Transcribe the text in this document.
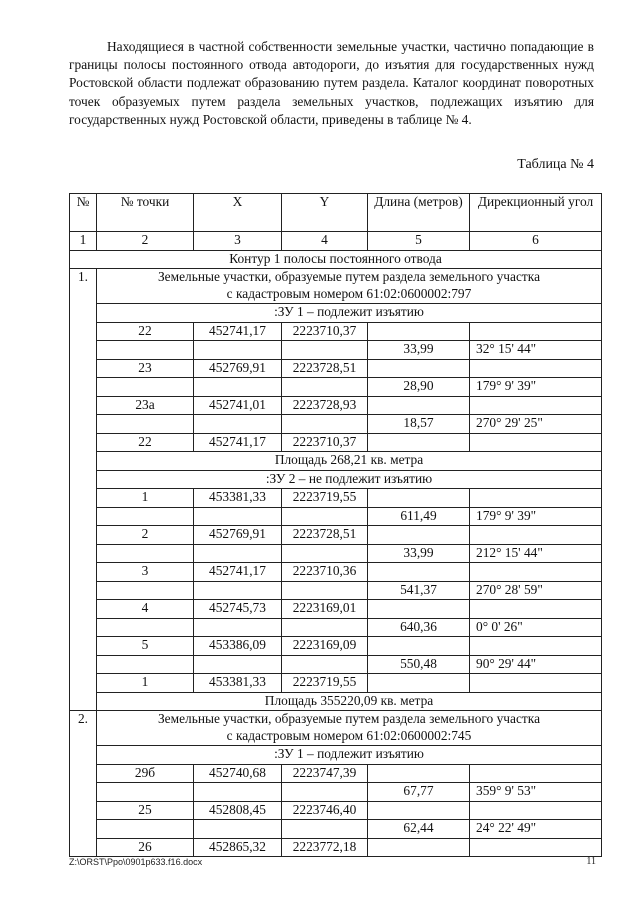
Находящиеся в частной собственности земельные участки, частично попадающие в границы полосы постоянного отвода автодороги, до изъятия для государственных нужд Ростовской области подлежат образованию путем раздела. Каталог координат поворотных точек образуемых путем раздела земельных участков, подлежащих изъятию для государственных нужд Ростовской области, приведены в таблице № 4.

Таблица № 4
№	№ точки	X	Y	Длина (метров)	Дирекционный угол
1	2	3	4	5	6
Контур 1 полосы постоянного отвода					
1.	Земельные участки, образуемые путем раздела земельного участка
с кадастровым номером 61:02:0600002:797				

	:ЗУ 1 – подлежит изъятию				
	22	452741,17	2223710,37		
				33,99	32° 15' 44"
	23	452769,91	2223728,51		
				28,90	179° 9' 39"
	23а	452741,01	2223728,93		
				18,57	270° 29' 25"
	22	452741,17	2223710,37		
	Площадь 268,21 кв. метра				
	:ЗУ 2 – не подлежит изъятию				
	1	453381,33	2223719,55		
				611,49	179° 9' 39"
	2	452769,91	2223728,51		
				33,99	212° 15' 44"
	3	452741,17	2223710,36		
				541,37	270° 28' 59"
	4	452745,73	2223169,01		
				640,36	0° 0' 26"
	5	453386,09	2223169,09		
				550,48	90° 29' 44"
	1	453381,33	2223719,55		
	Площадь 355220,09 кв. метра				
2.	Земельные участки, образуемые путем раздела земельного участка
с кадастровым номером 61:02:0600002:745				

	:ЗУ 1 – подлежит изъятию				
	29б	452740,68	2223747,39		
				67,77	359° 9' 53"
	25	452808,45	2223746,40		
				62,44	24° 22' 49"
	26	452865,32	2223772,18		
Z:\ORST\Ppo\0901p633.f16.docx	11
